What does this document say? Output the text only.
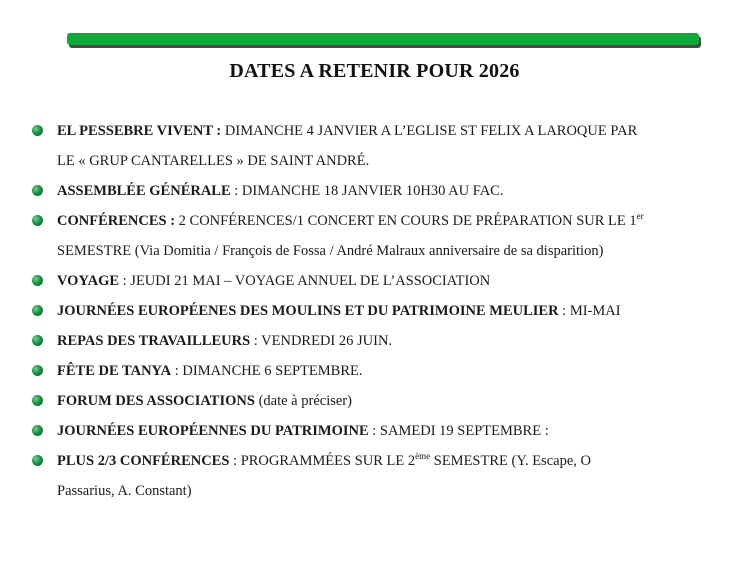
DATES A RETENIR POUR 2026
EL PESSEBRE VIVENT : DIMANCHE 4 JANVIER A L’EGLISE ST FELIX A LAROQUE PAR
LE « GRUP CANTARELLES » DE SAINT ANDRÉ.
ASSEMBLÉE GÉNÉRALE : DIMANCHE 18 JANVIER 10H30 AU FAC.
CONFÉRENCES : 2 CONFÉRENCES/1 CONCERT EN COURS DE PRÉPARATION SUR LE 1er
SEMESTRE (Via Domitia / François de Fossa / André Malraux anniversaire de sa disparition)
VOYAGE : JEUDI 21 MAI – VOYAGE ANNUEL DE L’ASSOCIATION
JOURNÉES EUROPÉENES DES MOULINS ET DU PATRIMOINE MEULIER : MI-MAI
REPAS DES TRAVAILLEURS : VENDREDI 26 JUIN.
FÊTE DE TANYA : DIMANCHE 6 SEPTEMBRE.
FORUM DES ASSOCIATIONS (date à préciser)
JOURNÉES EUROPÉENNES DU PATRIMOINE : SAMEDI 19 SEPTEMBRE :
PLUS 2/3 CONFÉRENCES : PROGRAMMÉES SUR LE 2ème SEMESTRE (Y. Escape, O
Passarius, A. Constant)
